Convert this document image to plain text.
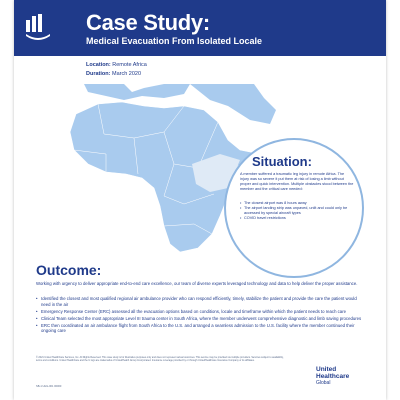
Case Study:
Medical Evacuation From Isolated Locale
Location: Remote Africa
Duration: March 2020
Situation:
A member suffered a traumatic leg injury in remote Africa. The injury was so severe it put them at risk of losing a limb without proper and quick intervention. Multiple obstacles stood between the member and the critical care needed:
• The closest airport was 8 hours away
• The airport landing strip was unpaved, unlit and could only be accessed by special aircraft types
• COVID travel restrictions
Outcome:
Working with urgency to deliver appropriate end-to-end care excellence, our team of diverse experts leveraged technology and data to help deliver the proper assistance.
• Identified the closest and most qualified regional air ambulance provider who can respond efficiently, timely, stabilize the patient and provide the care the patient would need in the air
• Emergency Response Center (ERC) assessed all the evacuation options based on conditions, locale and timeframe within which the patient needs to reach care
• Clinical Team selected the most appropriate Level III trauma center in South Africa, where the member underwent comprehensive diagnostic and limb saving procedures
• ERC then coordinated an air ambulance flight from South Africa to the U.S. and arranged a seamless admission to the U.S. facility where the member continued their ongoing care
© 2021 United HealthCare Services, Inc. All Rights Reserved. This case study is for illustrative purposes only and does not represent actual outcomes. This service may be provided via multiple providers. Services subject to availability, terms and conditions. United HealthCare and the U logo are trademarks of UnitedHealth Group Incorporated. Insurance coverage provided by or through UnitedHealthcare Insurance Company or its affiliates.
SB-1 UHG-001 00000
United
Healthcare
Global
